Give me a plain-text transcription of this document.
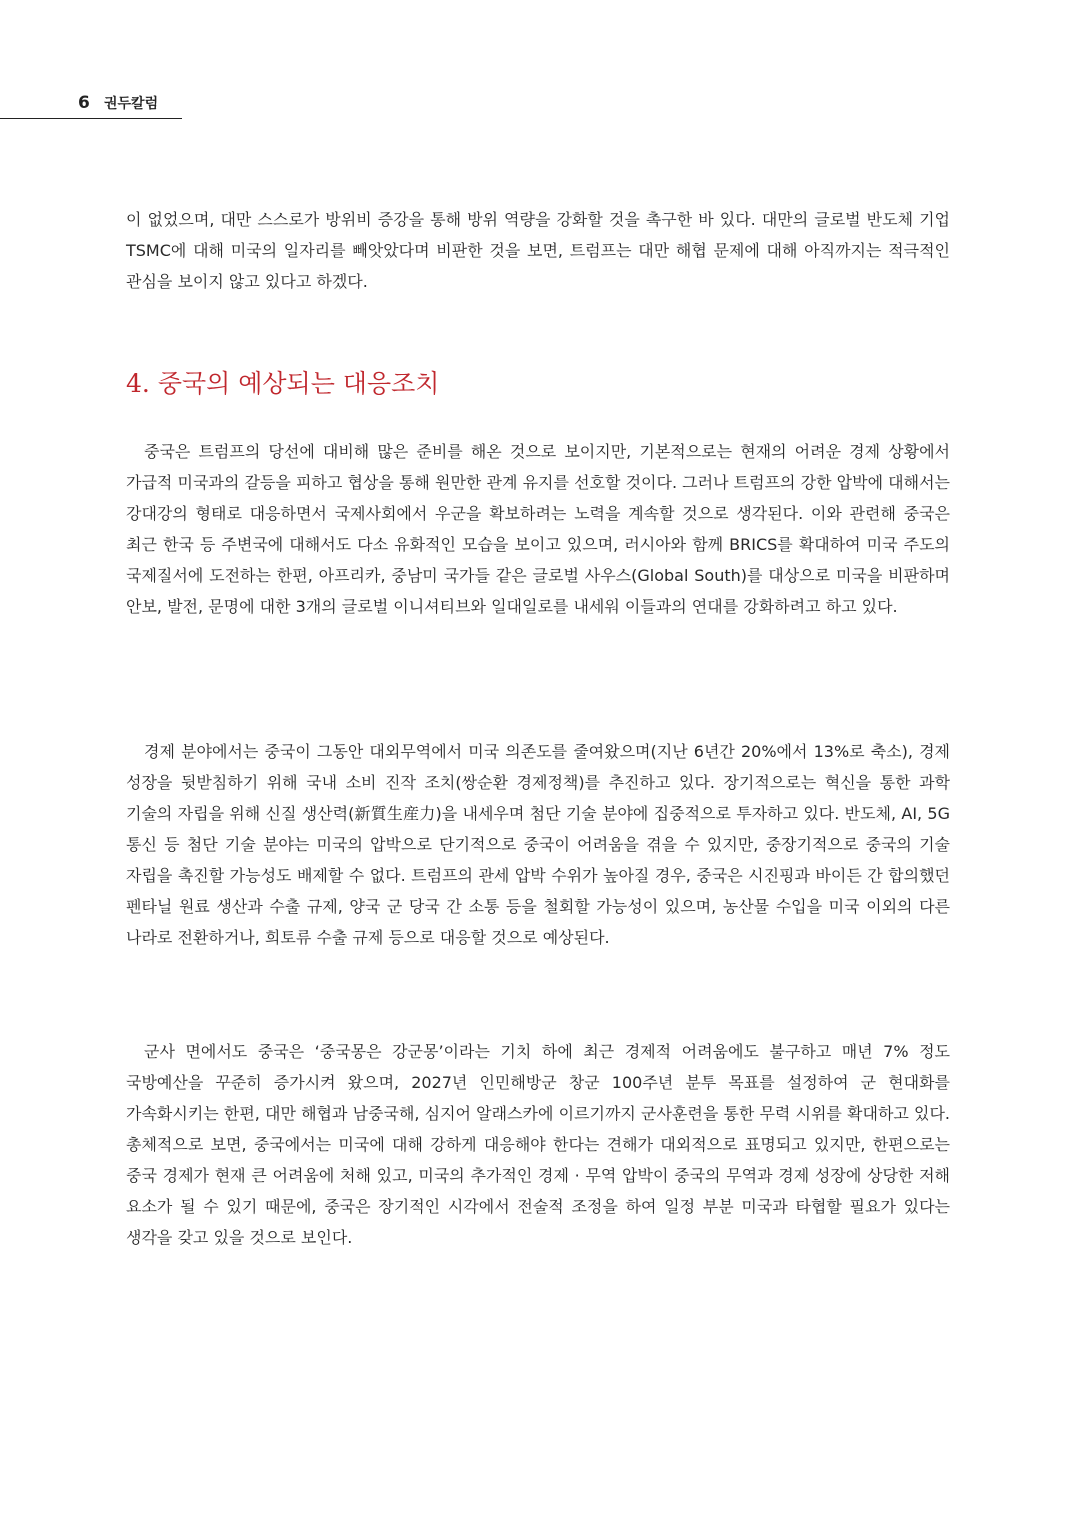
6 권두칼럼

이 없었으며, 대만 스스로가 방위비 증강을 통해 방위 역량을 강화할 것을 촉구한 바 있다. 대만의 글로벌 반도체 기업 TSMC에 대해 미국의 일자리를 빼앗았다며 비판한 것을 보면, 트럼프는 대만 해협 문제에 대해 아직까지는 적극적인 관심을 보이지 않고 있다고 하겠다.

4. 중국의 예상되는 대응조치

중국은 트럼프의 당선에 대비해 많은 준비를 해온 것으로 보이지만, 기본적으로는 현재의 어려운 경제 상황에서 가급적 미국과의 갈등을 피하고 협상을 통해 원만한 관계 유지를 선호할 것이다. 그러나 트럼프의 강한 압박에 대해서는 강대강의 형태로 대응하면서 국제사회에서 우군을 확보하려는 노력을 계속할 것으로 생각된다. 이와 관련해 중국은 최근 한국 등 주변국에 대해서도 다소 유화적인 모습을 보이고 있으며, 러시아와 함께 BRICS를 확대하여 미국 주도의 국제질서에 도전하는 한편, 아프리카, 중남미 국가들 같은 글로벌 사우스(Global South)를 대상으로 미국을 비판하며 안보, 발전, 문명에 대한 3개의 글로벌 이니셔티브와 일대일로를 내세워 이들과의 연대를 강화하려고 하고 있다.

경제 분야에서는 중국이 그동안 대외무역에서 미국 의존도를 줄여왔으며(지난 6년간 20%에서 13%로 축소), 경제 성장을 뒷받침하기 위해 국내 소비 진작 조치(쌍순환 경제정책)를 추진하고 있다. 장기적으로는 혁신을 통한 과학 기술의 자립을 위해 신질 생산력(新質生産力)을 내세우며 첨단 기술 분야에 집중적으로 투자하고 있다. 반도체, AI, 5G 통신 등 첨단 기술 분야는 미국의 압박으로 단기적으로 중국이 어려움을 겪을 수 있지만, 중장기적으로 중국의 기술 자립을 촉진할 가능성도 배제할 수 없다. 트럼프의 관세 압박 수위가 높아질 경우, 중국은 시진핑과 바이든 간 합의했던 펜타닐 원료 생산과 수출 규제, 양국 군 당국 간 소통 등을 철회할 가능성이 있으며, 농산물 수입을 미국 이외의 다른 나라로 전환하거나, 희토류 수출 규제 등으로 대응할 것으로 예상된다.

군사 면에서도 중국은 ‘중국몽은 강군몽’이라는 기치 하에 최근 경제적 어려움에도 불구하고 매년 7% 정도 국방예산을 꾸준히 증가시켜 왔으며, 2027년 인민해방군 창군 100주년 분투 목표를 설정하여 군 현대화를 가속화시키는 한편, 대만 해협과 남중국해, 심지어 알래스카에 이르기까지 군사훈련을 통한 무력 시위를 확대하고 있다. 총체적으로 보면, 중국에서는 미국에 대해 강하게 대응해야 한다는 견해가 대외적으로 표명되고 있지만, 한편으로는 중국 경제가 현재 큰 어려움에 처해 있고, 미국의 추가적인 경제 · 무역 압박이 중국의 무역과 경제 성장에 상당한 저해 요소가 될 수 있기 때문에, 중국은 장기적인 시각에서 전술적 조정을 하여 일정 부분 미국과 타협할 필요가 있다는 생각을 갖고 있을 것으로 보인다.
